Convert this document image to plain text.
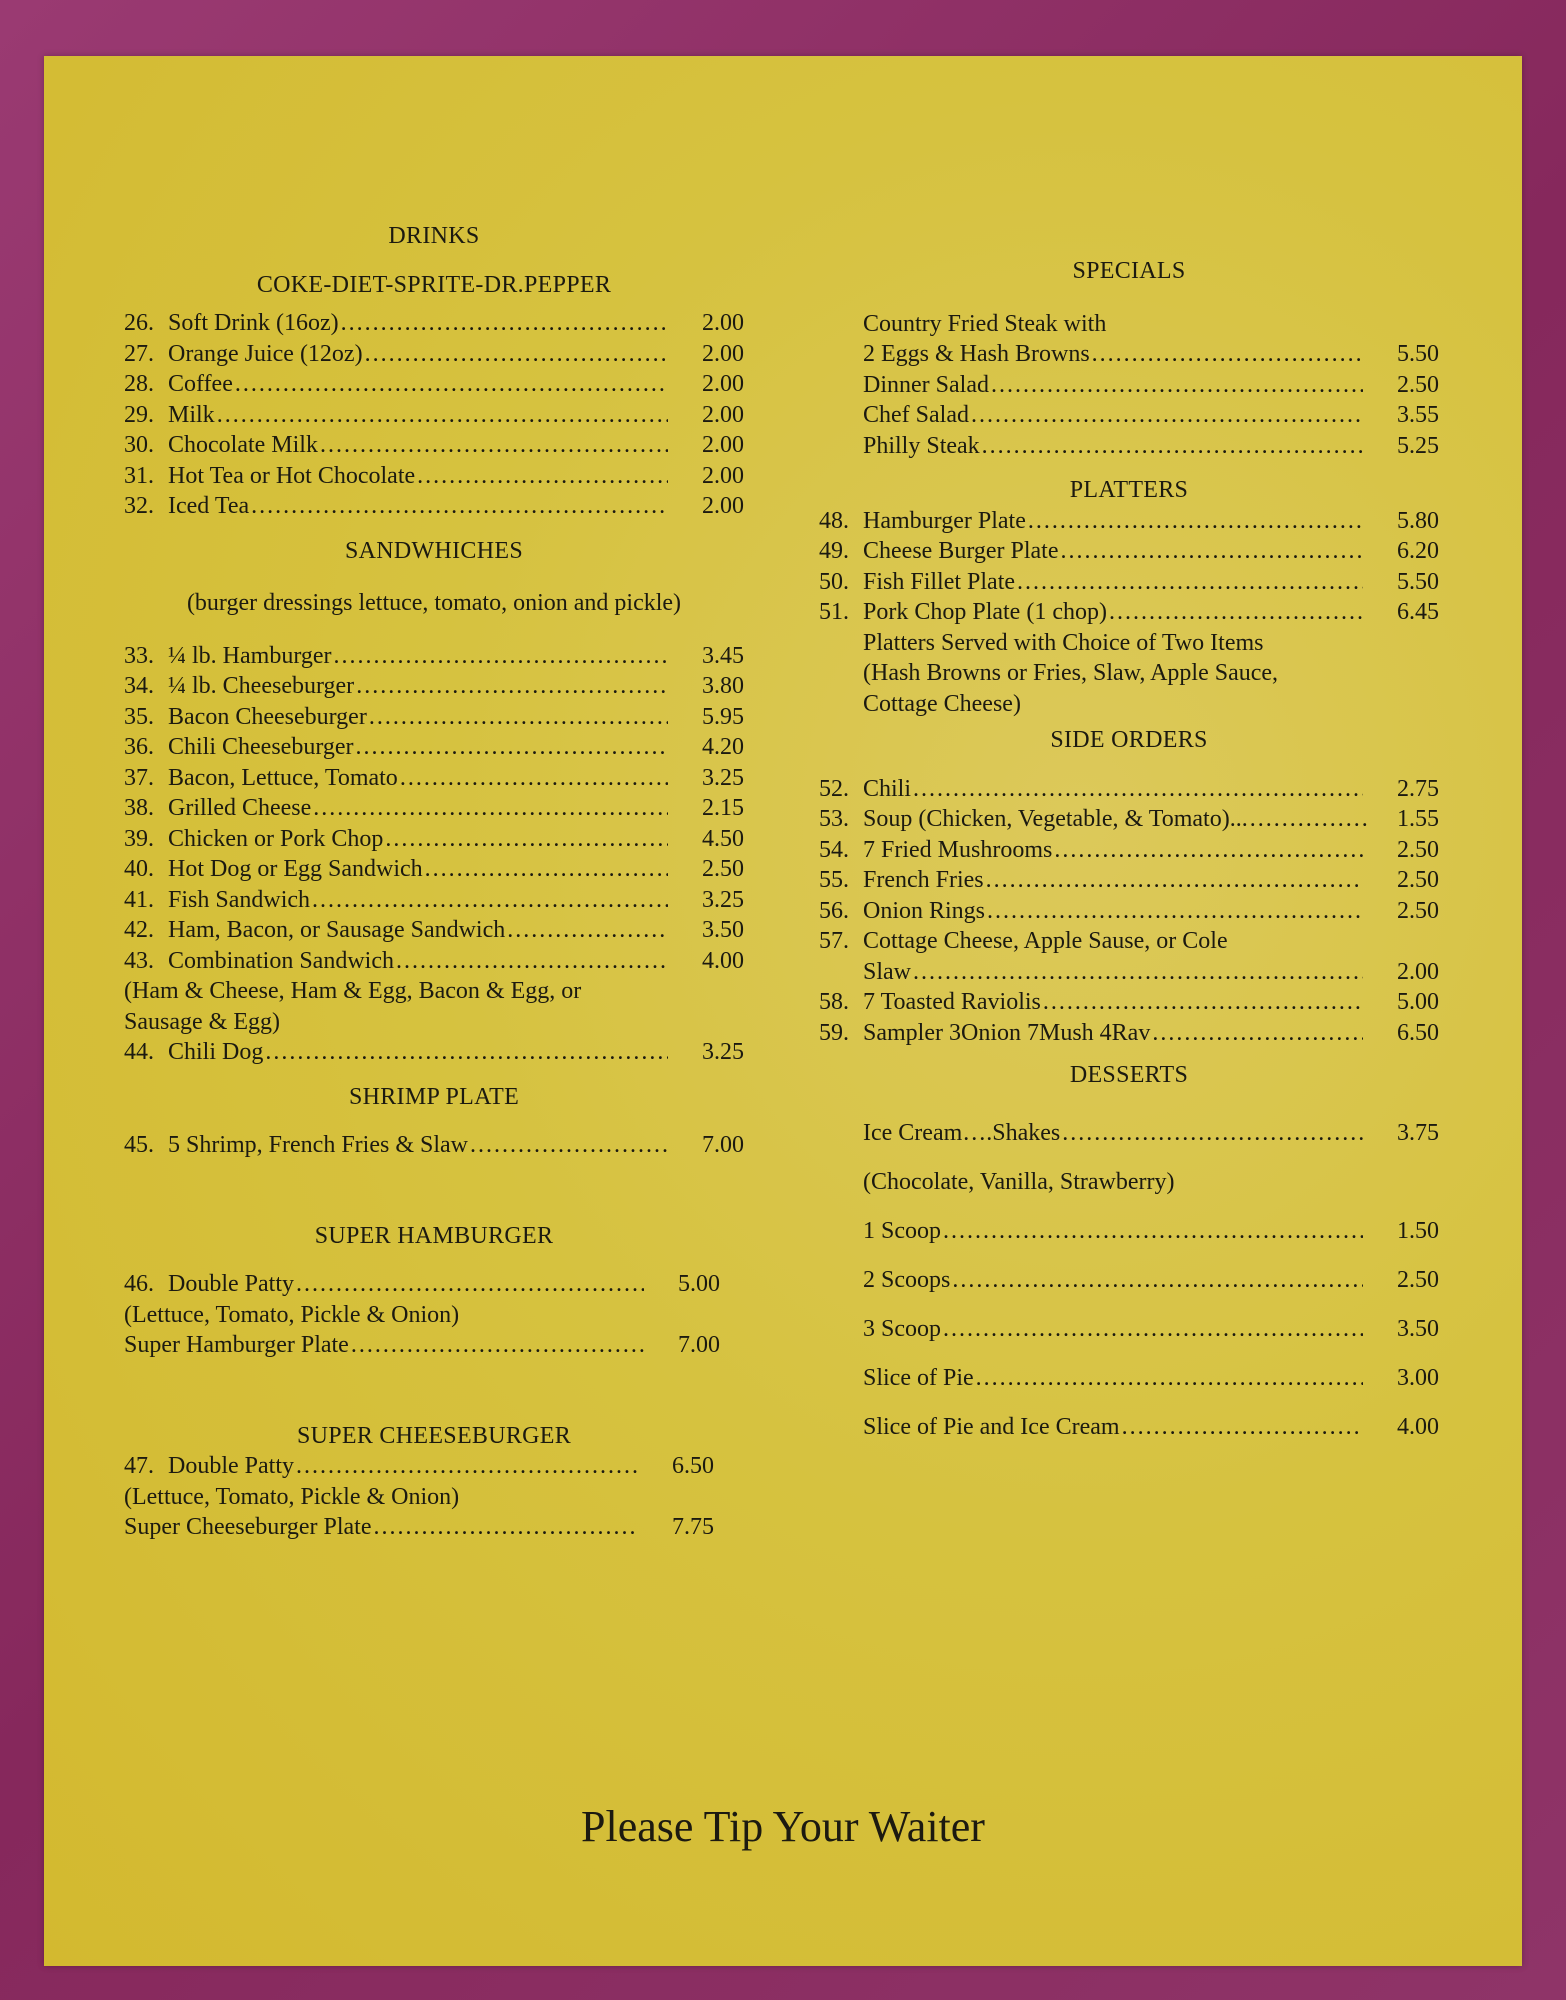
DRINKS
COKE-DIET-SPRITE-DR.PEPPER
26. Soft Drink (16oz) .....	2.00
27. Orange Juice (12oz) .....	2.00
28. Coffee .....	2.00
29. Milk .....	2.00
30. Chocolate Milk .....	2.00
31. Hot Tea or Hot Chocolate .....	2.00
32. Iced Tea .....	2.00
SANDWHICHES
(burger dressings lettuce, tomato, onion and pickle)
33. ¼ lb. Hamburger .....	3.45
34. ¼ lb. Cheeseburger .....	3.80
35. Bacon Cheeseburger .....	5.95
36. Chili Cheeseburger .....	4.20
37. Bacon, Lettuce, Tomato .....	3.25
38. Grilled Cheese .....	2.15
39. Chicken or Pork Chop .....	4.50
40. Hot Dog or Egg Sandwich .....	2.50
41. Fish Sandwich .....	3.25
42. Ham, Bacon, or Sausage Sandwich .....	3.50
43. Combination Sandwich .....	4.00
(Ham & Cheese, Ham & Egg, Bacon & Egg, or
Sausage & Egg)
44. Chili Dog .....	3.25
SHRIMP PLATE
45. 5 Shrimp, French Fries & Slaw .....	7.00
SUPER HAMBURGER
46. Double Patty .....	5.00
(Lettuce, Tomato, Pickle & Onion)
Super Hamburger Plate .....	7.00
SUPER CHEESEBURGER
47. Double Patty .....	6.50
(Lettuce, Tomato, Pickle & Onion)
Super Cheeseburger Plate .....	7.75
SPECIALS
Country Fried Steak with
2 Eggs & Hash Browns .....	5.50
Dinner Salad .....	2.50
Chef Salad .....	3.55
Philly Steak .....	5.25
PLATTERS
48. Hamburger Plate .....	5.80
49. Cheese Burger Plate .....	6.20
50. Fish Fillet Plate .....	5.50
51. Pork Chop Plate (1 chop) .....	6.45
Platters Served with Choice of Two Items
(Hash Browns or Fries, Slaw, Apple Sauce,
Cottage Cheese)
SIDE ORDERS
52. Chili .....	2.75
53. Soup (Chicken, Vegetable, & Tomato).. .....	1.55
54. 7 Fried Mushrooms .....	2.50
55. French Fries .....	2.50
56. Onion Rings .....	2.50
57. Cottage Cheese, Apple Sause, or Cole
Slaw .....	2.00
58. 7 Toasted Raviolis .....	5.00
59. Sampler 3Onion 7Mush 4Rav .....	6.50
DESSERTS
Ice Cream….Shakes .....	3.75
(Chocolate, Vanilla, Strawberry)
1 Scoop .....	1.50
2 Scoops .....	2.50
3 Scoop .....	3.50
Slice of Pie .....	3.00
Slice of Pie and Ice Cream .....	4.00
Please Tip Your Waiter
